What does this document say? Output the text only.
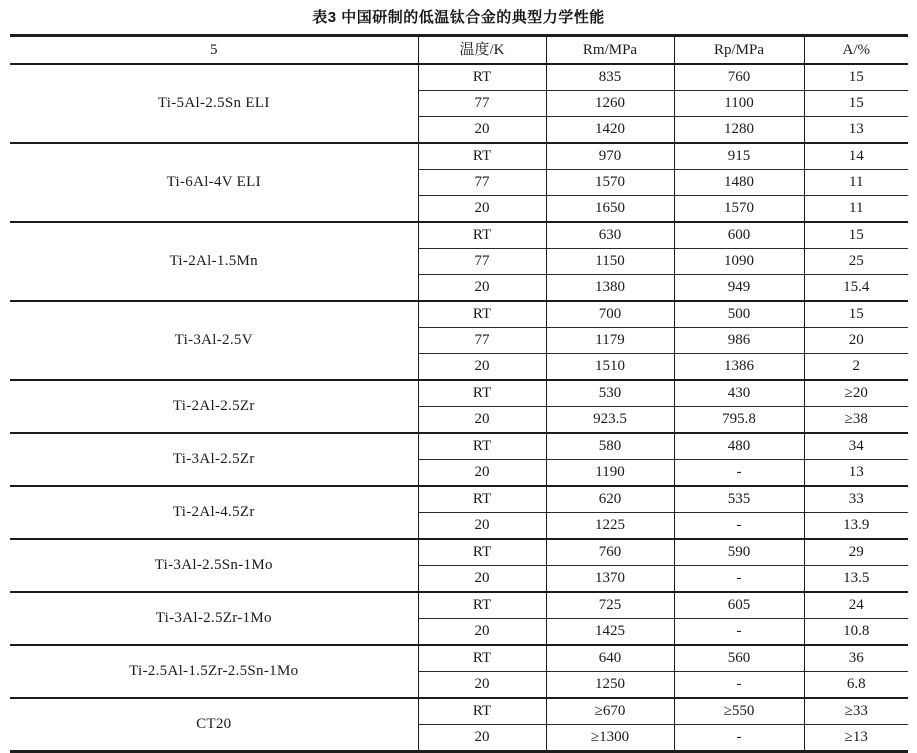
表3 中国研制的低温钛合金的典型力学性能
5	温度/K	Rm/MPa	Rp/MPa	A/%
Ti-5Al-2.5Sn ELI	RT	835	760	15
	77	1260	1100	15
	20	1420	1280	13
Ti-6Al-4V ELI	RT	970	915	14
	77	1570	1480	11
	20	1650	1570	11
Ti-2Al-1.5Mn	RT	630	600	15
	77	1150	1090	25
	20	1380	949	15.4
Ti-3Al-2.5V	RT	700	500	15
	77	1179	986	20
	20	1510	1386	2
Ti-2Al-2.5Zr	RT	530	430	≥20
	20	923.5	795.8	≥38
Ti-3Al-2.5Zr	RT	580	480	34
	20	1190	-	13
Ti-2Al-4.5Zr	RT	620	535	33
	20	1225	-	13.9
Ti-3Al-2.5Sn-1Mo	RT	760	590	29
	20	1370	-	13.5
Ti-3Al-2.5Zr-1Mo	RT	725	605	24
	20	1425	-	10.8
Ti-2.5Al-1.5Zr-2.5Sn-1Mo	RT	640	560	36
	20	1250	-	6.8
CT20	RT	≥670	≥550	≥33
	20	≥1300	-	≥13
